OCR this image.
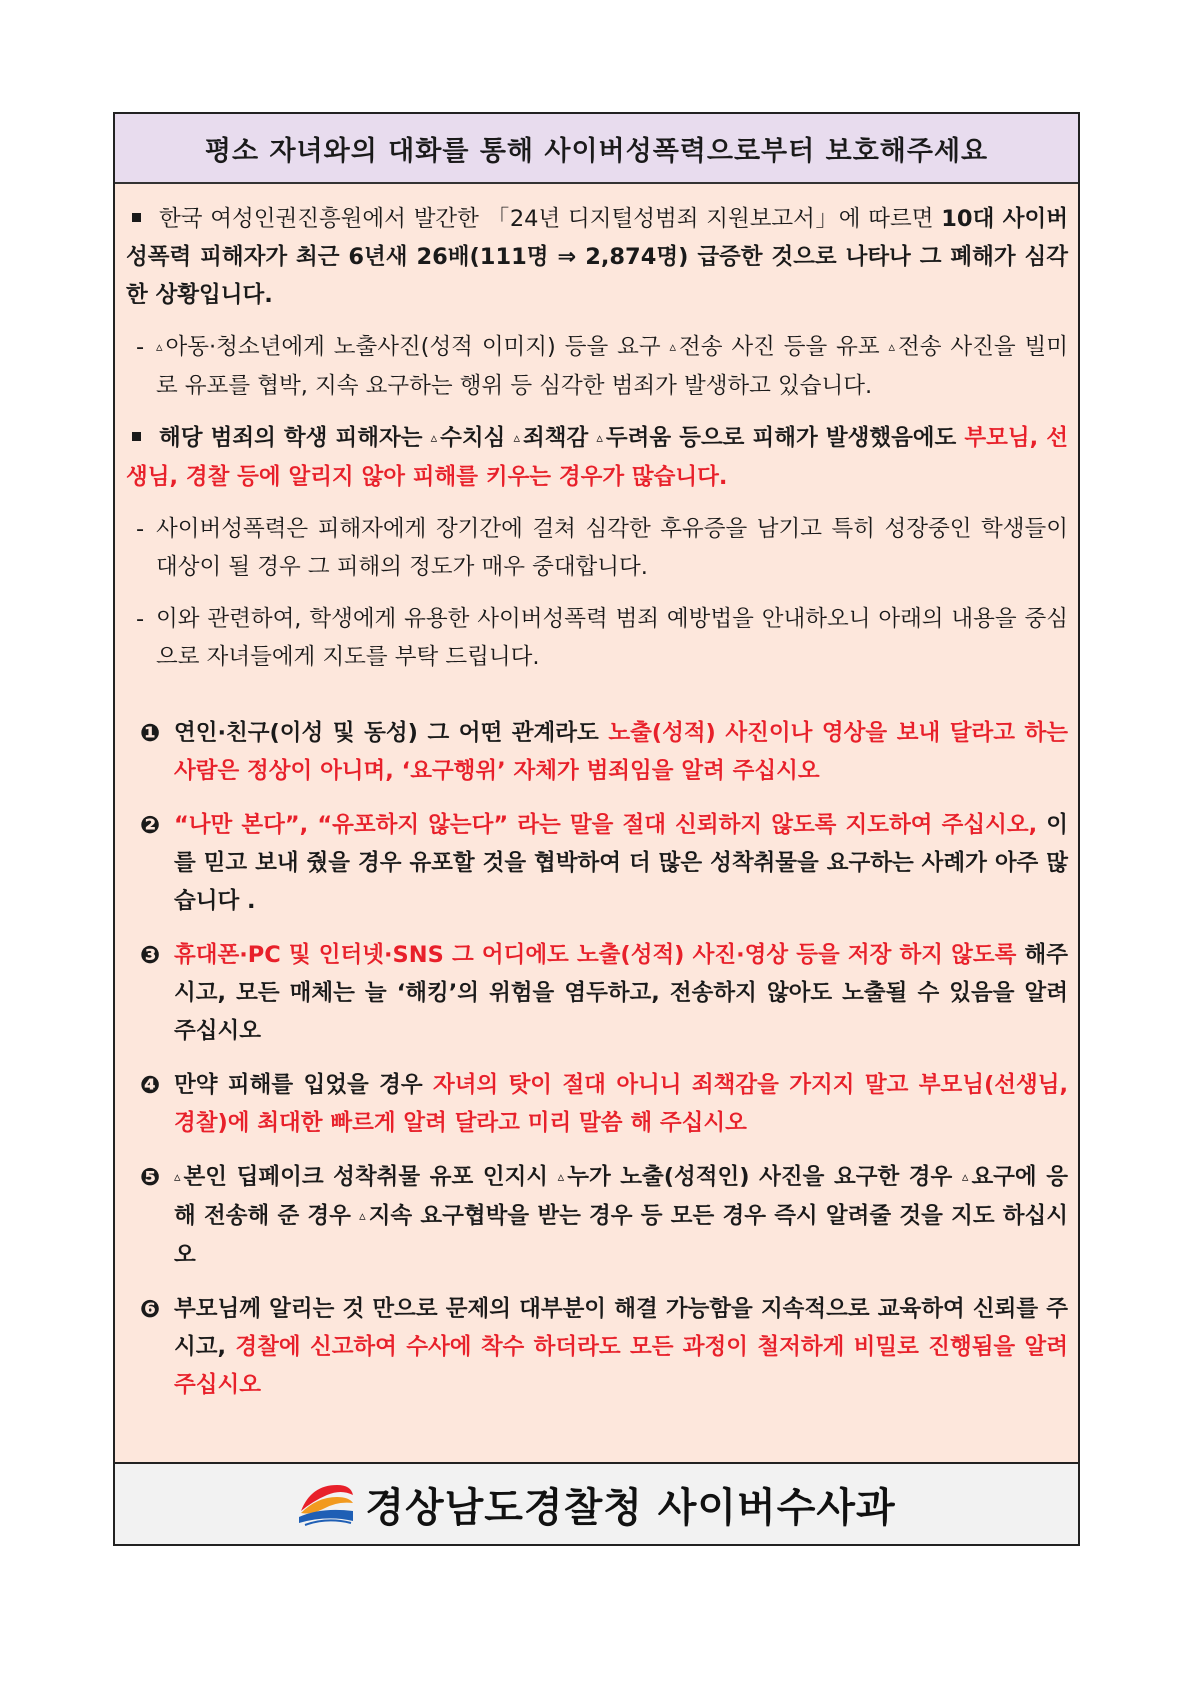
평소 자녀와의 대화를 통해 사이버성폭력으로부터 보호해주세요

한국 여성인권진흥원에서 발간한 「24년 디지털성범죄 지원보고서」에 따르면 10대 사이버성폭력 피해자가 최근 6년새 26배(111명 ⇒ 2,874명) 급증한 것으로 나타나 그 폐해가 심각한 상황입니다.

- ▵ 아동·청소년에게 노출사진(성적 이미지) 등을 요구 ▵ 전송 사진 등을 유포 ▵ 전송 사진을 빌미로 유포를 협박, 지속 요구하는 행위 등 심각한 범죄가 발생하고 있습니다.

해당 범죄의 학생 피해자는 ▵ 수치심 ▵ 죄책감 ▵ 두려움 등으로 피해가 발생했음에도 부모님, 선생님, 경찰 등에 알리지 않아 피해를 키우는 경우가 많습니다.

- 사이버성폭력은 피해자에게 장기간에 걸쳐 심각한 후유증을 남기고 특히 성장중인 학생들이 대상이 될 경우 그 피해의 정도가 매우 중대합니다.
- 이와 관련하여, 학생에게 유용한 사이버성폭력 범죄 예방법을 안내하오니 아래의 내용을 중심으로 자녀들에게 지도를 부탁 드립니다.
❶ 연인·친구(이성 및 동성) 그 어떤 관계라도 노출(성적) 사진이나 영상을 보내 달라고 하는 사람은 정상이 아니며, ‘요구행위’ 자체가 범죄임을 알려 주십시오
❷ “나만 본다”, “유포하지 않는다” 라는 말을 절대 신뢰하지 않도록 지도하여 주십시오, 이를 믿고 보내 줬을 경우 유포할 것을 협박하여 더 많은 성착취물을 요구하는 사례가 아주 많습니다 .
❸ 휴대폰·PC 및 인터넷·SNS 그 어디에도 노출(성적) 사진·영상 등을 저장 하지 않도록 해주시고, 모든 매체는 늘 ‘해킹’의 위험을 염두하고, 전송하지 않아도 노출될 수 있음을 알려 주십시오
❹ 만약 피해를 입었을 경우 자녀의 탓이 절대 아니니 죄책감을 가지지 말고 부모님(선생님, 경찰)에 최대한 빠르게 알려 달라고 미리 말씀 해 주십시오
❺	▵ 본인 딥페이크 성착취물 유포 인지시 ▵ 누가 노출(성적인) 사진을 요구한 경우 ▵ 요구에 응해 전송해 준 경우 ▵ 지속 요구협박을 받는 경우 등 모든 경우 즉시 알려줄 것을 지도 하십시오
❻ 부모님께 알리는 것 만으로 문제의 대부분이 해결 가능함을 지속적으로 교육하여 신뢰를 주시고, 경찰에 신고하여 수사에 착수 하더라도 모든 과정이 철저하게 비밀로 진행됨을 알려 주십시오
경상남도경찰청 사이버수사과
